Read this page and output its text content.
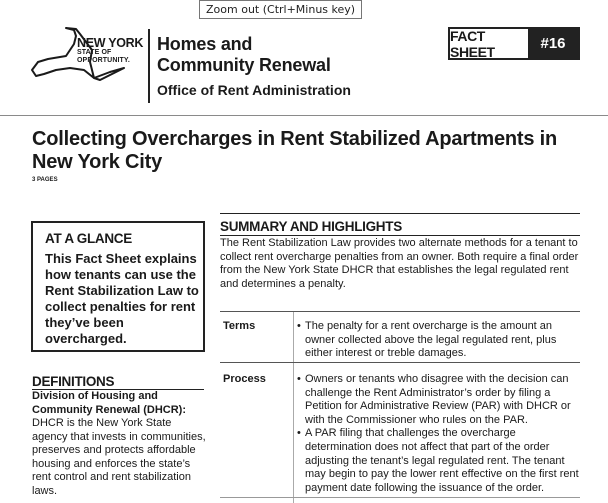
Zoom out (Ctrl+Minus key)
NEW YORK
STATE OF
OPPORTUNITY.
Homes and
Community Renewal
Office of Rent Administration
FACT SHEET	#16
Collecting Overcharges in Rent Stabilized Apartments in New York City
3 PAGES
AT A GLANCE

This Fact Sheet explains how tenants can use the Rent Stabilization Law to collect penalties for rent they’ve been overcharged.

DEFINITIONS
Division of Housing and Community Renewal (DHCR):
DHCR is the New York State agency that invests in communities, preserves and protects affordable housing and enforces the state’s rent control and rent stabilization laws.
SUMMARY AND HIGHLIGHTS
The Rent Stabilization Law provides two alternate methods for a tenant to collect rent overcharge penalties from an owner. Both require a final order from the New York State DHCR that establishes the legal regulated rent and determines a penalty.
Terms	• The penalty for a rent overcharge is the amount an owner collected above the legal regulated rent, plus either interest or treble damages.
Process	• Owners or tenants who disagree with the decision can challenge the Rent Administrator’s order by filing a Petition for Administrative Review (PAR) with DHCR or with the Commissioner who rules on the PAR.
• A PAR filing that challenges the overcharge determination does not affect that part of the order adjusting the tenant’s legal regulated rent. The tenant may begin to pay the lower rent effective on the first rent payment date following the issuance of the order.
